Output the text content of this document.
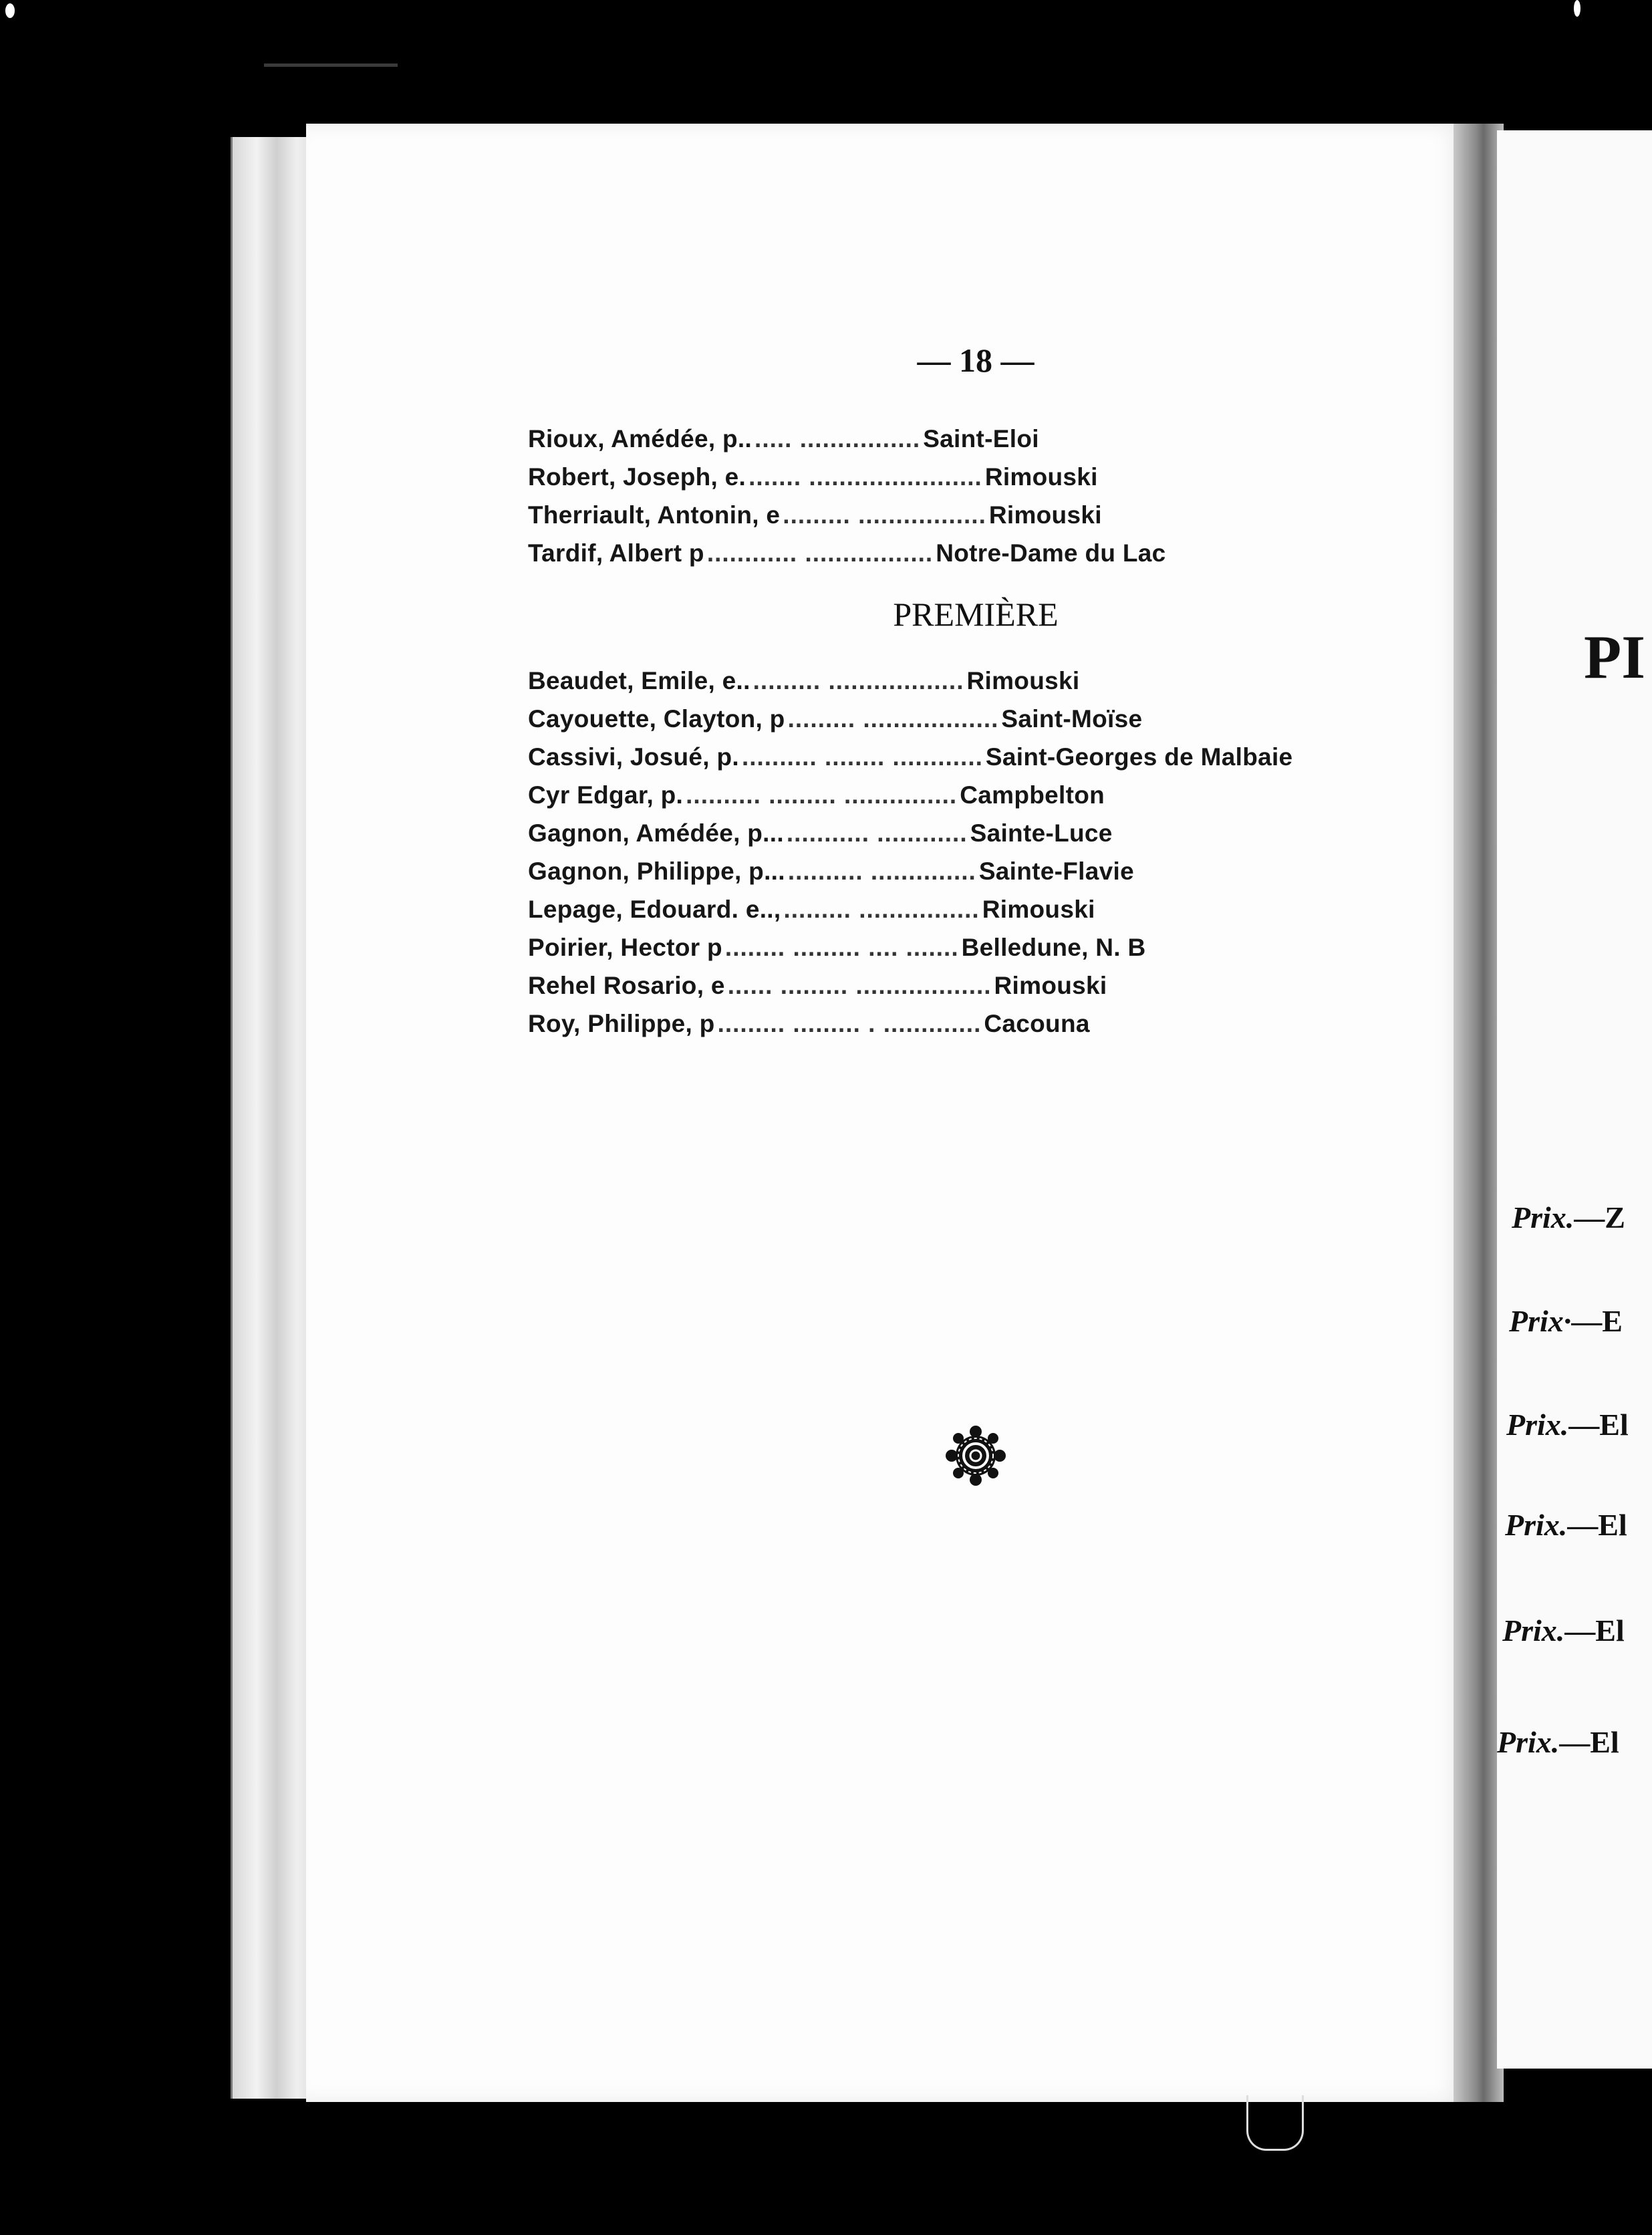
— 18 —
Rioux, Amédée, p.. ..... ................ Saint-Eloi
Robert, Joseph, e. ....... ....................... Rimouski
Therriault, Antonin, e ......... ................. Rimouski
Tardif, Albert p ............ ................. Notre-Dame du Lac
PREMIÈRE
Beaudet, Emile, e.. ......... .................. Rimouski
Cayouette, Clayton, p ......... .................. Saint-Moïse
Cassivi, Josué, p. .......... ........ ............ Saint-Georges de Malbaie
Cyr Edgar, p. .......... ......... ............... Campbelton
Gagnon, Amédée, p... ........... ............ Sainte-Luce
Gagnon, Philippe, p... .......... .............. Sainte-Flavie
Lepage, Edouard. e.., ......... ................ Rimouski
Poirier, Hector p ........ ......... .... ....... Belledune, N. B
Rehel Rosario, e ...... ......... .................. Rimouski
Roy, Philippe, p ......... ......... . ............. Cacouna
PI
Prix.—Z
Prix·—E
Prix.—El
Prix.—El
Prix.—El
Prix.—El
